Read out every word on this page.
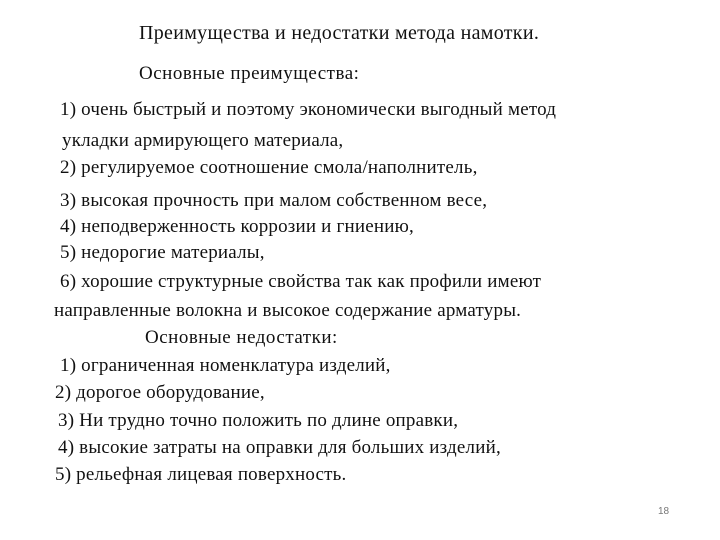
Преимущества и недостатки метода намотки.
Основные преимущества:
1) очень быстрый и поэтому экономически выгодный метод
укладки армирующего материала,
2) регулируемое соотношение смола/наполнитель,
3) высокая прочность при малом собственном весе,
4) неподверженность коррозии и гниению,
5) недорогие материалы,
6) хорошие структурные свойства так как профили имеют
направленные волокна и высокое содержание арматуры.
Основные недостатки:
1) ограниченная номенклатура изделий,
2) дорогое оборудование,
3) Ни трудно точно положить по длине оправки,
4) высокие затраты на оправки для больших изделий,
5) рельефная лицевая поверхность.
18
